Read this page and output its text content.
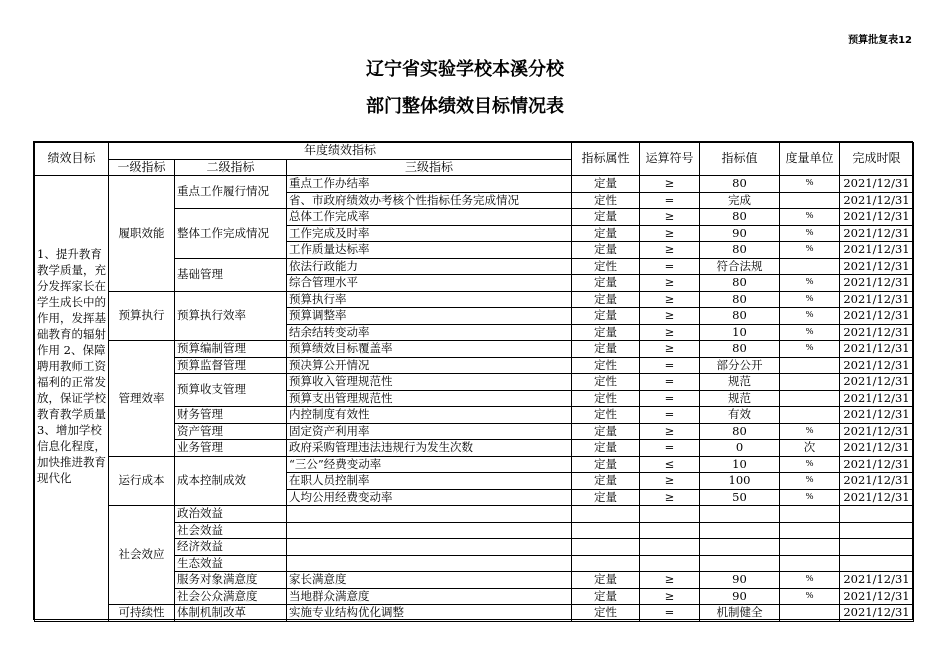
预算批复表12
辽宁省实验学校本溪分校
部门整体绩效目标情况表
绩效目标	年度绩效指标			指标属性	运算符号	指标值	度量单位	完成时限
	一级指标	二级指标	三级指标					
1、提升教育教学质量，充分发挥家长在学生成长中的作用，发挥基础教育的辐射作用 2、保障聘用教师工资福利的正常发放，保证学校教育教学质量 3、增加学校信息化程度，加快推进教育现代化	履职效能	重点工作履行情况	重点工作办结率	定量	≥	80	%	2021/12/31
			省、市政府绩效办考核个性指标任务完成情况	定性	=	完成		2021/12/31
		整体工作完成情况	总体工作完成率	定量	≥	80	%	2021/12/31
			工作完成及时率	定量	≥	90	%	2021/12/31
			工作质量达标率	定量	≥	80	%	2021/12/31
		基础管理	依法行政能力	定性	=	符合法规		2021/12/31
			综合管理水平	定量	≥	80	%	2021/12/31
	预算执行	预算执行效率	预算执行率	定量	≥	80	%	2021/12/31
			预算调整率	定量	≥	80	%	2021/12/31
			结余结转变动率	定量	≥	10	%	2021/12/31
	管理效率	预算编制管理	预算绩效目标覆盖率	定量	≥	80	%	2021/12/31
		预算监督管理	预决算公开情况	定性	=	部分公开		2021/12/31
		预算收支管理	预算收入管理规范性	定性	=	规范		2021/12/31
			预算支出管理规范性	定性	=	规范		2021/12/31
		财务管理	内控制度有效性	定性	=	有效		2021/12/31
		资产管理	固定资产利用率	定量	≥	80	%	2021/12/31
		业务管理	政府采购管理违法违规行为发生次数	定量	=	0	次	2021/12/31
	运行成本	成本控制成效	“三公”经费变动率	定量	≤	10	%	2021/12/31
			在职人员控制率	定量	≥	100	%	2021/12/31
			人均公用经费变动率	定量	≥	50	%	2021/12/31
	社会效应	政治效益						
		社会效益						
		经济效益						
		生态效益						
		服务对象满意度	家长满意度	定量	≥	90	%	2021/12/31
		社会公众满意度	当地群众满意度	定量	≥	90	%	2021/12/31
	可持续性	体制机制改革	实施专业结构优化调整	定性	=	机制健全		2021/12/31
